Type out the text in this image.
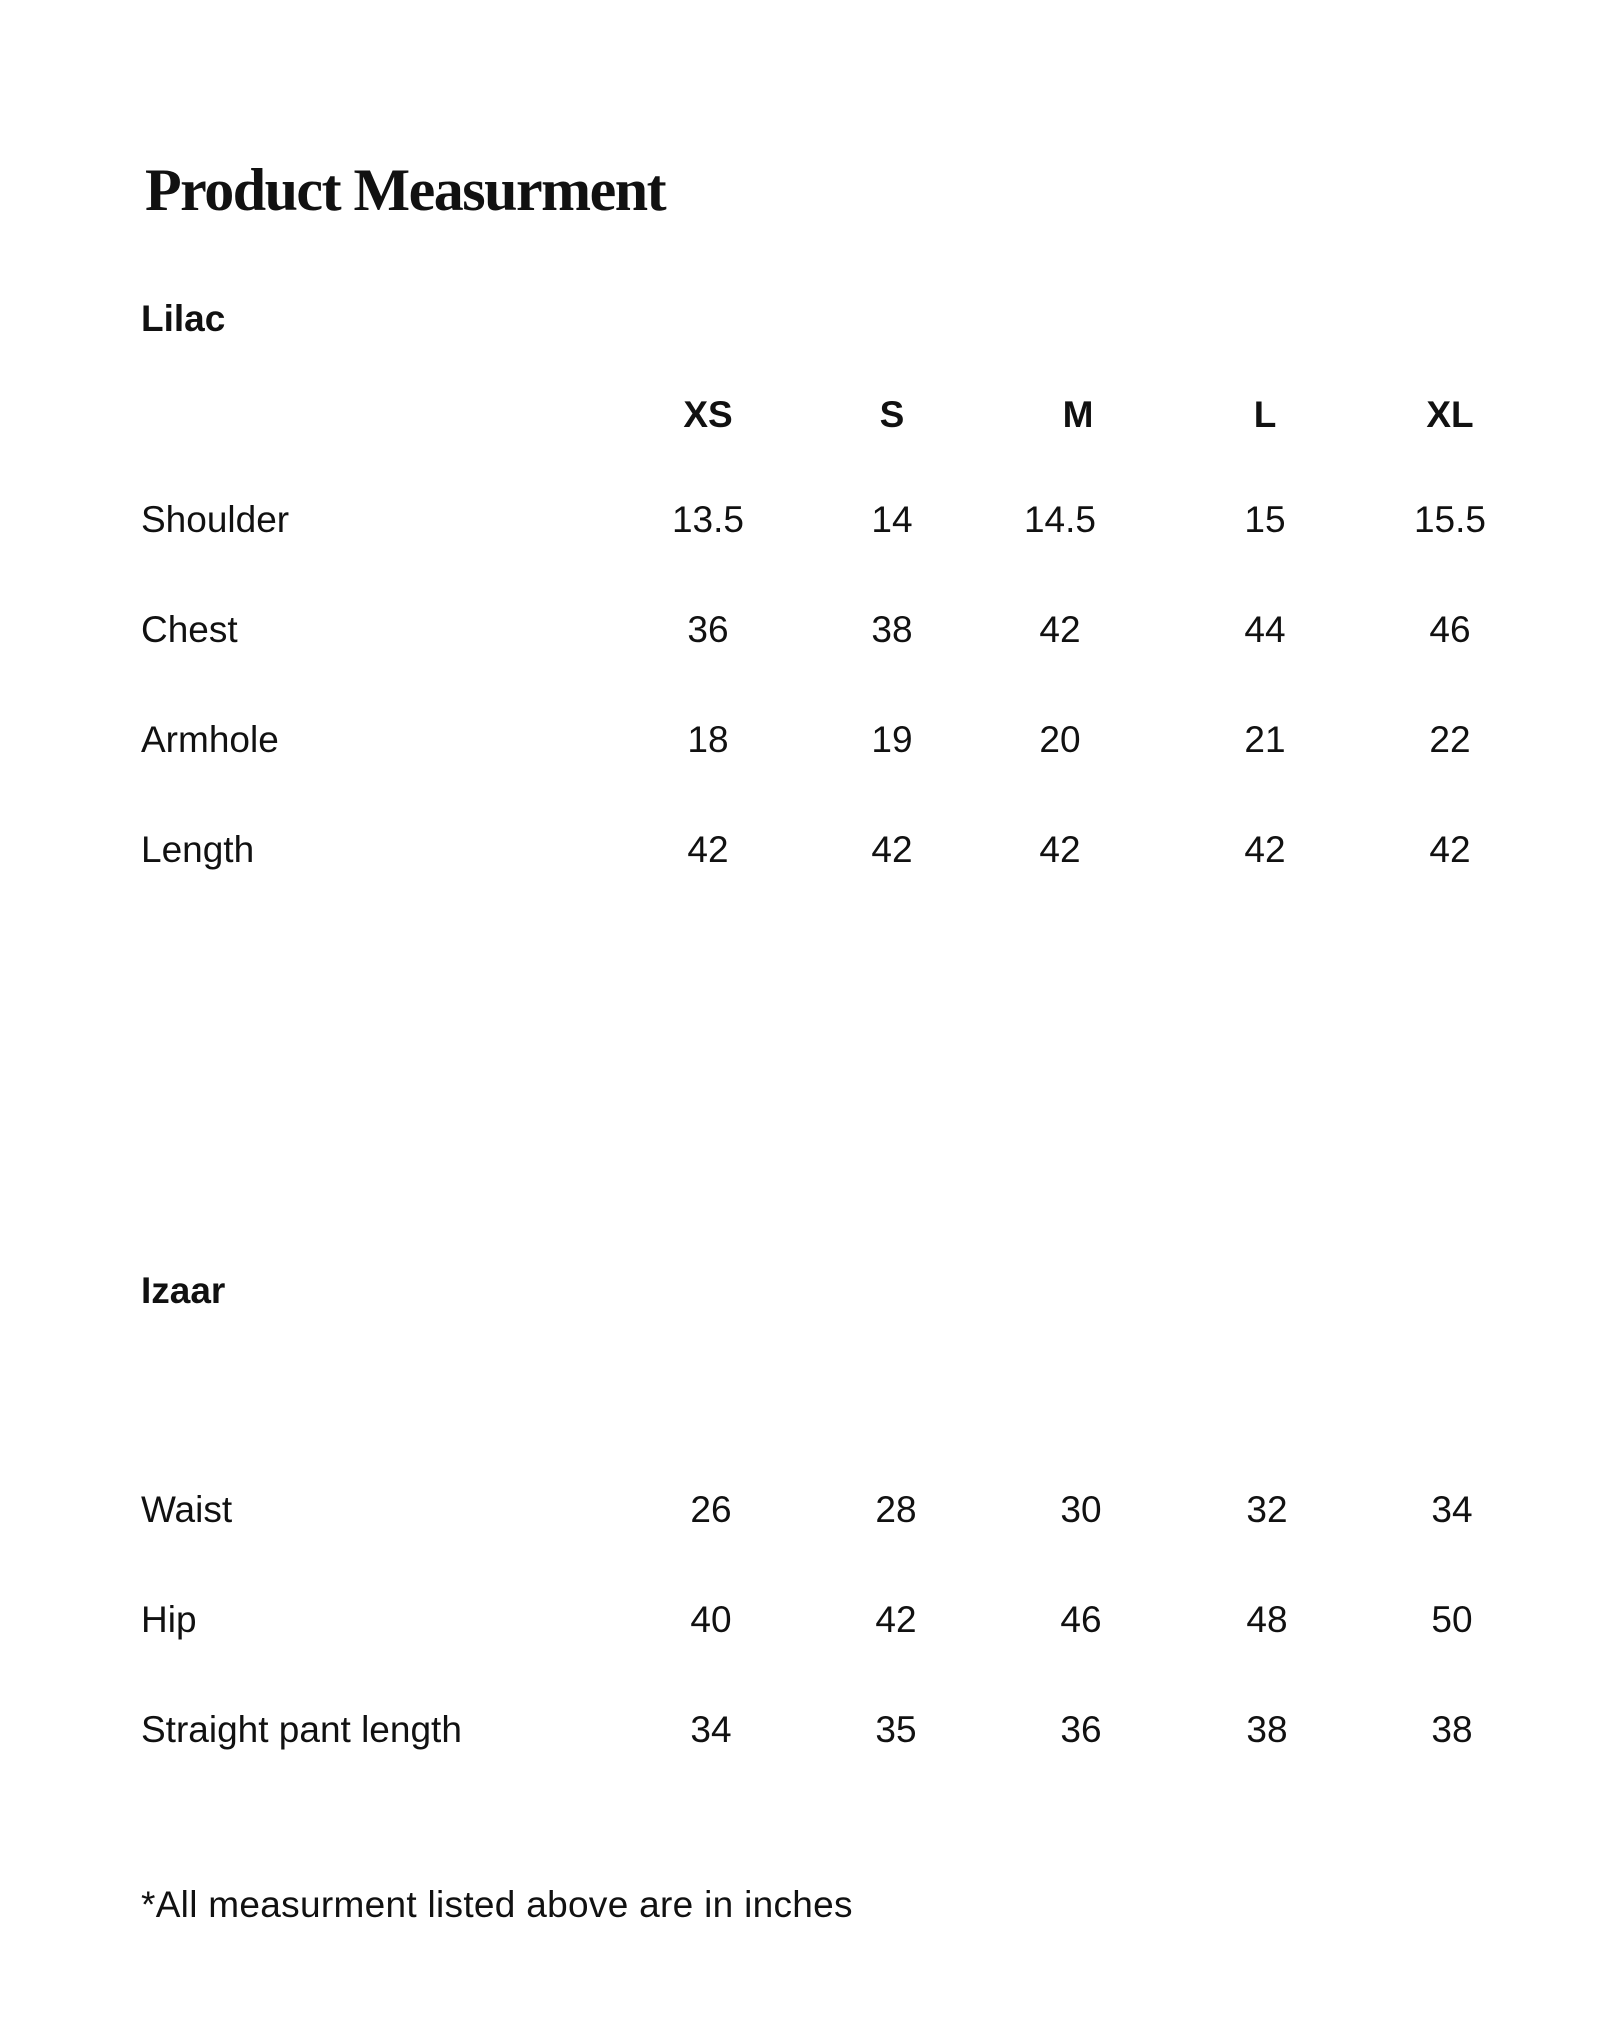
Product Measurment
Lilac
XS	S	M	L	XL
Shoulder	13.5	14	14.5	15	15.5
Chest	36	38	42	44	46
Armhole	18	19	20	21	22
Length	42	42	42	42	42
Izaar
Waist	26	28	30	32	34
Hip	40	42	46	48	50
Straight pant length	34	35	36	38	38

*All measurment listed above are in inches
